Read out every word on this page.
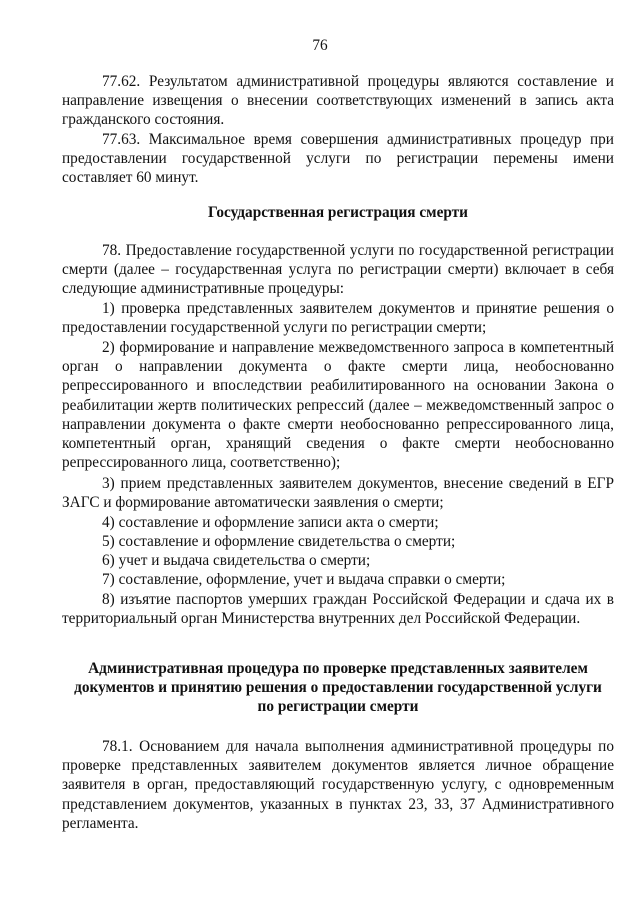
76

77.62. Результатом административной процедуры являются составление и направление извещения о внесении соответствующих изменений в запись акта гражданского состояния.

77.63. Максимальное время совершения административных процедур при предоставлении государственной услуги по регистрации перемены имени составляет 60 минут.

Государственная регистрация смерти

78. Предоставление государственной услуги по государственной регистрации смерти (далее – государственная услуга по регистрации смерти) включает в себя следующие административные процедуры:

1) проверка представленных заявителем документов и принятие решения о предоставлении государственной услуги по регистрации смерти;

2) формирование и направление межведомственного запроса в компетентный орган о направлении документа о факте смерти лица, необоснованно репрессированного и впоследствии реабилитированного на основании Закона о реабилитации жертв политических репрессий (далее – межведомственный запрос о направлении документа о факте смерти необоснованно репрессированного лица, компетентный орган, хранящий сведения о факте смерти необоснованно репрессированного лица, соответственно);

3) прием представленных заявителем документов, внесение сведений в ЕГР ЗАГС и формирование автоматически заявления о смерти;

4) составление и оформление записи акта о смерти;

5) составление и оформление свидетельства о смерти;

6) учет и выдача свидетельства о смерти;

7) составление, оформление, учет и выдача справки о смерти;

8) изъятие паспортов умерших граждан Российской Федерации и сдача их в территориальный орган Министерства внутренних дел Российской Федерации.

Административная процедура по проверке представленных заявителем

документов и принятию решения о предоставлении государственной услуги

по регистрации смерти

78.1. Основанием для начала выполнения административной процедуры по проверке представленных заявителем документов является личное обращение заявителя в орган, предоставляющий государственную услугу, с одновременным представлением документов, указанных в пунктах 23, 33, 37 Административного регламента.
